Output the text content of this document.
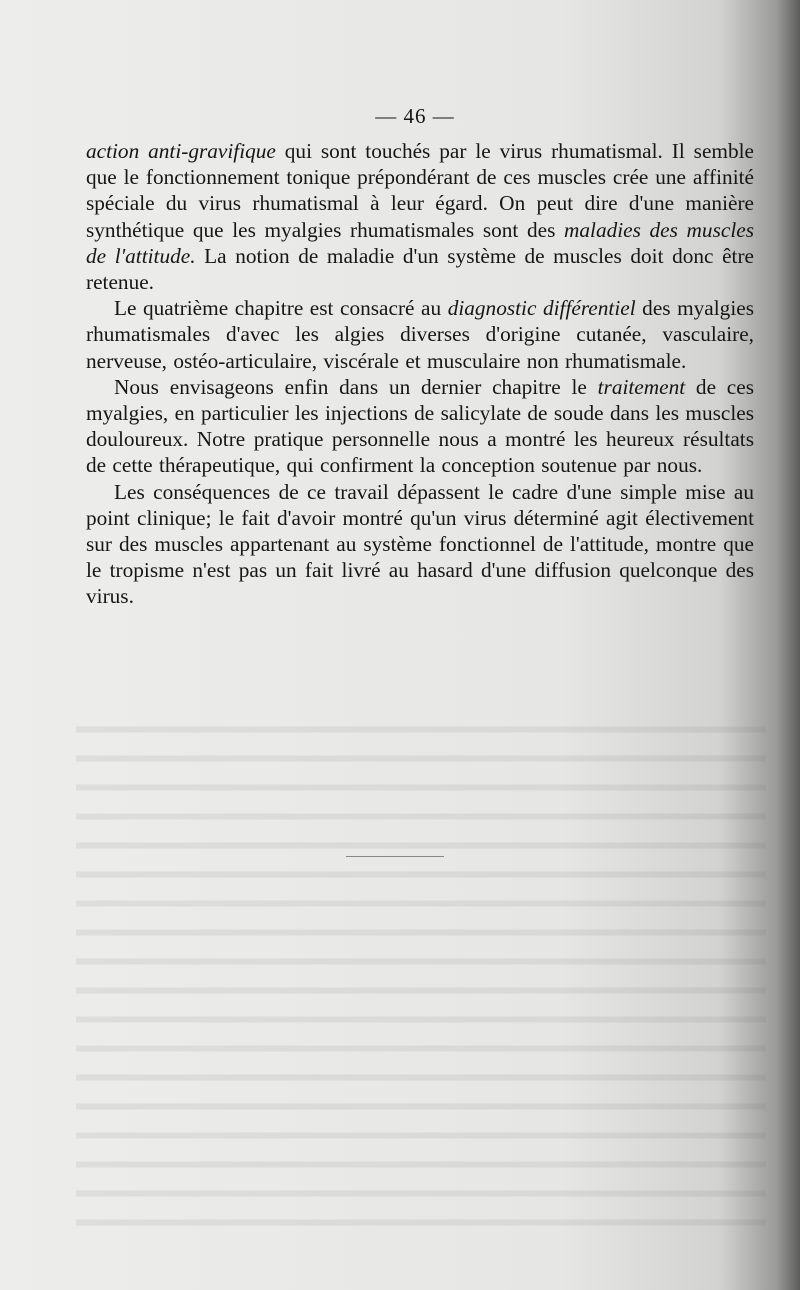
— 46 —

action anti-gravifique qui sont touchés par le virus rhumatismal. Il semble que le fonctionnement tonique prépondérant de ces muscles crée une affinité spéciale du virus rhumatismal à leur égard. On peut dire d'une manière synthétique que les myalgies rhumatismales sont des maladies des muscles de l'attitude. La notion de maladie d'un système de muscles doit donc être retenue.

Le quatrième chapitre est consacré au diagnostic différentiel des myalgies rhumatismales d'avec les algies diverses d'origine cutanée, vasculaire, nerveuse, ostéo-articulaire, viscérale et musculaire non rhumatismale.

Nous envisageons enfin dans un dernier chapitre le traitement de ces myalgies, en particulier les injections de salicylate de soude dans les muscles douloureux. Notre pratique personnelle nous a montré les heureux résultats de cette thérapeutique, qui confirment la conception soutenue par nous.

Les conséquences de ce travail dépassent le cadre d'une simple mise au point clinique; le fait d'avoir montré qu'un virus déterminé agit électivement sur des muscles appartenant au système fonctionnel de l'attitude, montre que le tropisme n'est pas un fait livré au hasard d'une diffusion quelconque des virus.
